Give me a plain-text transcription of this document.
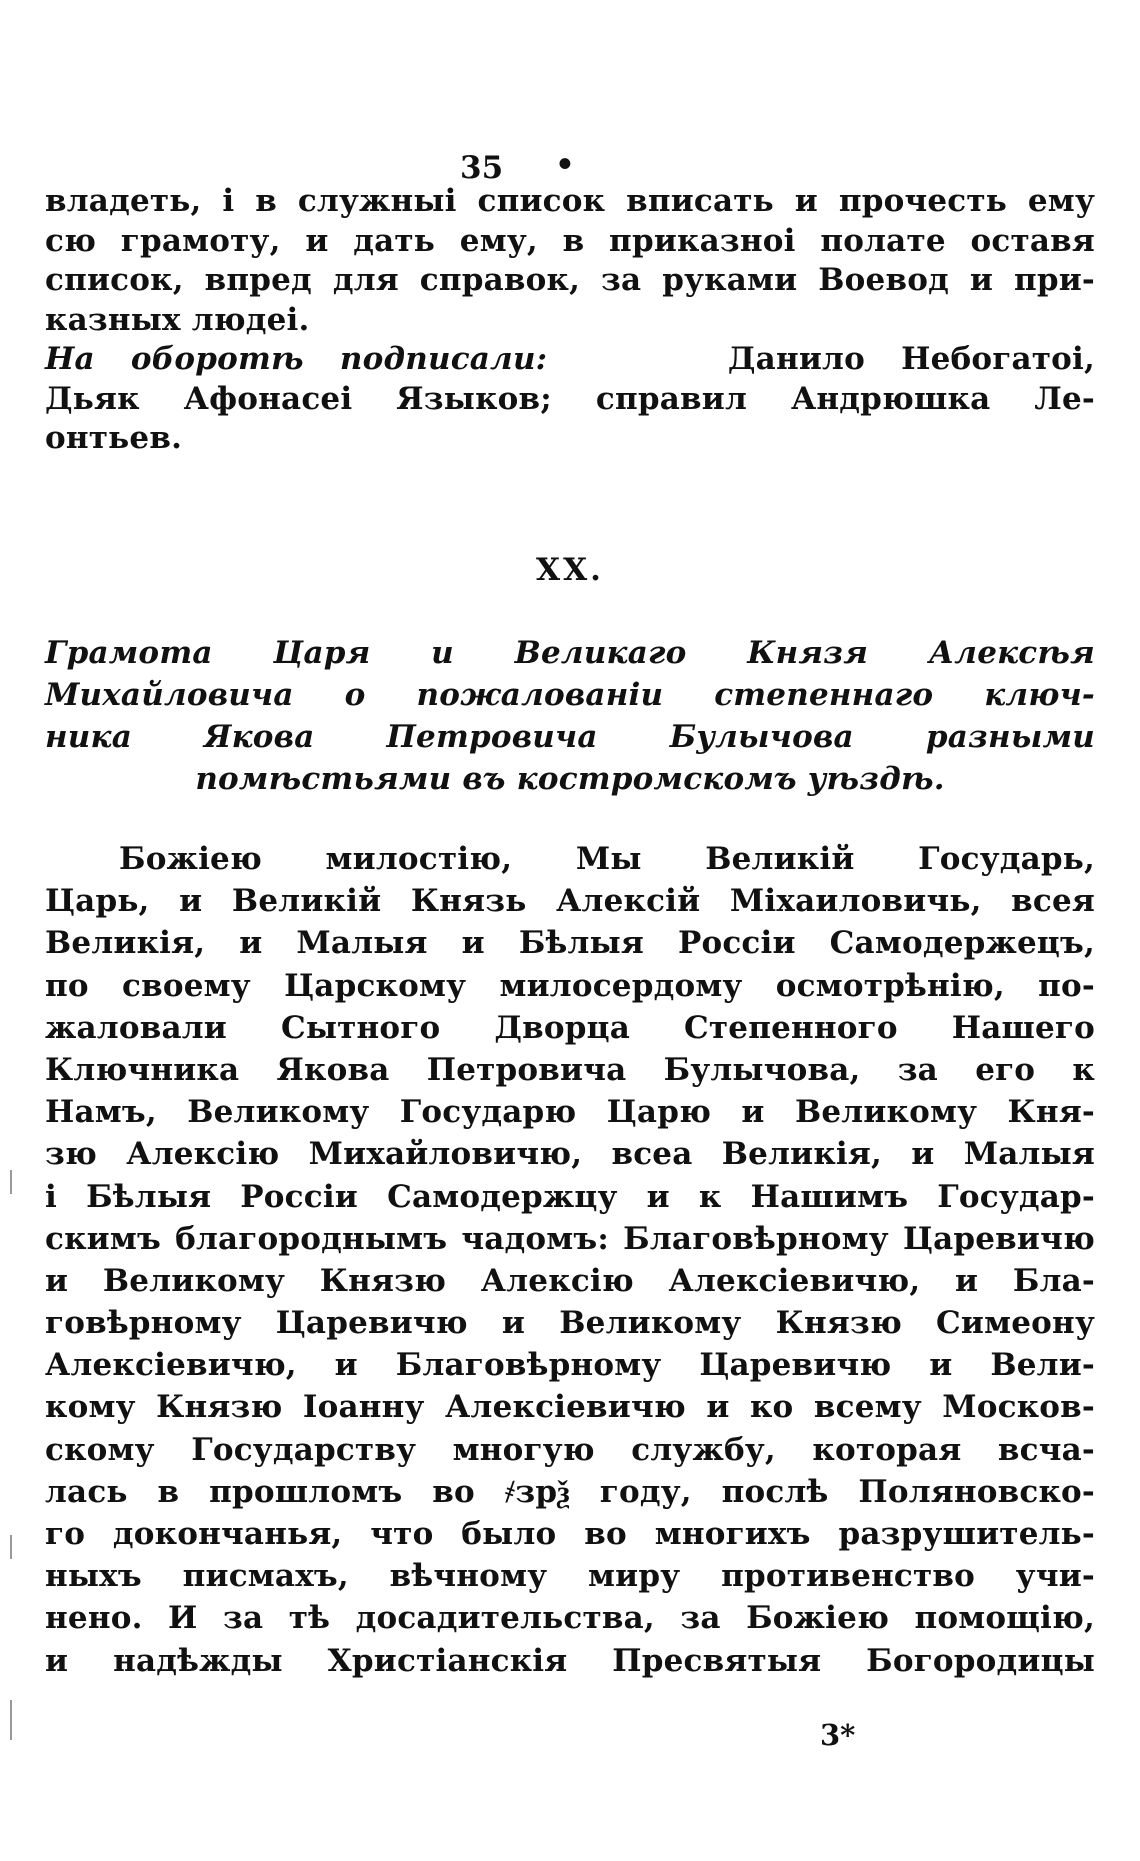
35 •
владеть, і в служныі список вписать и прочесть ему
сю грамоту, и дать ему, в приказноі полате оставя
список, впред для справок, за руками Воевод и при-
казных людеі.
На оборотѣ подписали:	Данило Небогатоі,
Дьяк Афонасеі Языков; справил Андрюшка Ле-
онтьев.
XX.
Грамота Царя и Великаго Князя Алексѣя
Михайловича о пожалованіи степеннаго ключ-
ника Якова Петровича Булычова разными
помѣстьями въ костромскомъ уѣздѣ.
Божіею милостію, Мы Великій Государь,
Царь, и Великій Князь Алексій Міхаиловичь, всея
Великія, и Малыя и Бѣлыя Россіи Самодержецъ,
по своему Царскому милосердому осмотрѣнію, по-
жаловали Сытного Дворца Степенного Нашего
Ключника Якова Петровича Булычова, за его к
Намъ, Великому Государю Царю и Великому Кня-
зю Алексію Михайловичю, всеа Великія, и Малыя
і Бѣлыя Россіи Самодержцу и к Нашимъ Государ-
скимъ благороднымъ чадомъ: Благовѣрному Царевичю
и Великому Князю Алексію Алексіевичю, и Бла-
говѣрному Царевичю и Великому Князю Симеону
Алексіевичю, и Благовѣрному Царевичю и Вели-
кому Князю Іоанну Алексіевичю и ко всему Москов-
скому Государству многую службу, которая вcча-
лась в прошломъ во ҂зрѯ году, послѣ Поляновско-
го докончанья, что было во многихъ разрушитель-
ныхъ писмахъ, вѣчному миру противенство учи-
нено. И за тѣ досадительства, за Божіею помощію,
и надѣжды Христіанскія Пресвятыя Богородицы
3*
